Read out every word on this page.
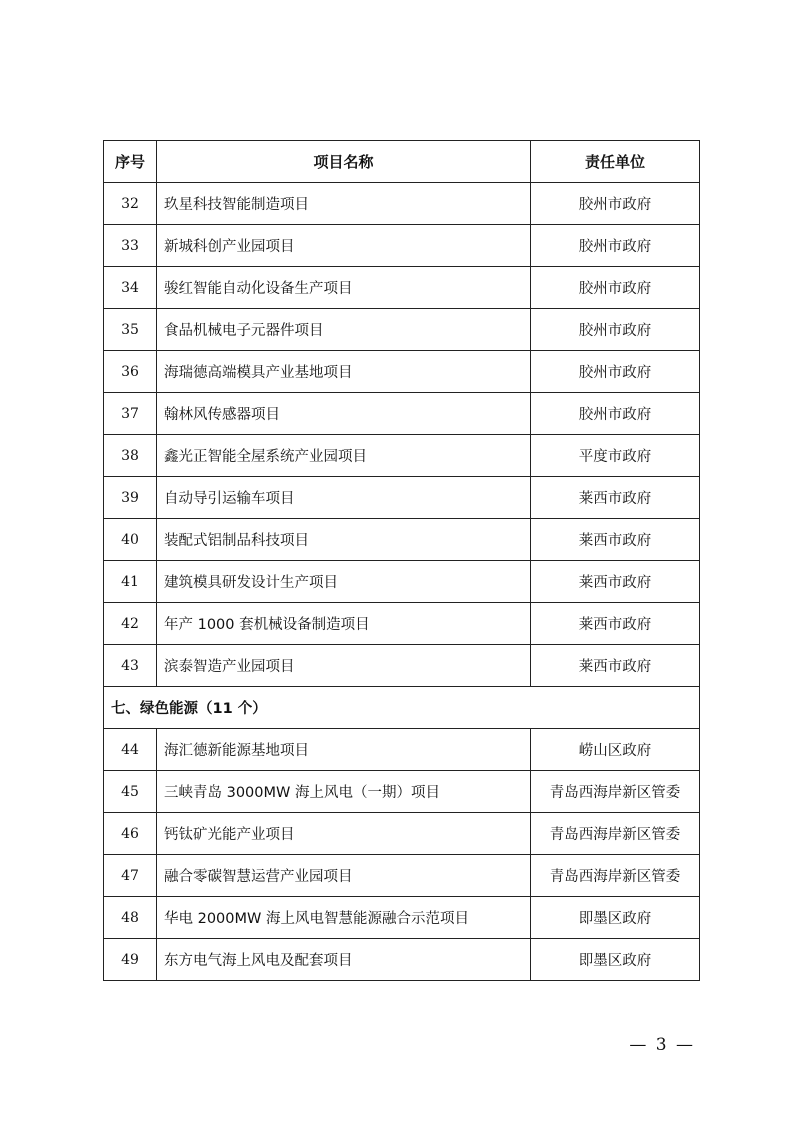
序号	项目名称	责任单位
32	玖星科技智能制造项目	胶州市政府
33	新城科创产业园项目	胶州市政府
34	骏红智能自动化设备生产项目	胶州市政府
35	食品机械电子元器件项目	胶州市政府
36	海瑞德高端模具产业基地项目	胶州市政府
37	翰林风传感器项目	胶州市政府
38	鑫光正智能全屋系统产业园项目	平度市政府
39	自动导引运输车项目	莱西市政府
40	装配式铝制品科技项目	莱西市政府
41	建筑模具研发设计生产项目	莱西市政府
42	年产 1000 套机械设备制造项目	莱西市政府
43	滨泰智造产业园项目	莱西市政府
七、绿色能源（11 个）		
44	海汇德新能源基地项目	崂山区政府
45	三峡青岛 3000MW 海上风电（一期）项目	青岛西海岸新区管委
46	钙钛矿光能产业项目	青岛西海岸新区管委
47	融合零碳智慧运营产业园项目	青岛西海岸新区管委
48	华电 2000MW 海上风电智慧能源融合示范项目	即墨区政府
49	东方电气海上风电及配套项目	即墨区政府
— 3 —
